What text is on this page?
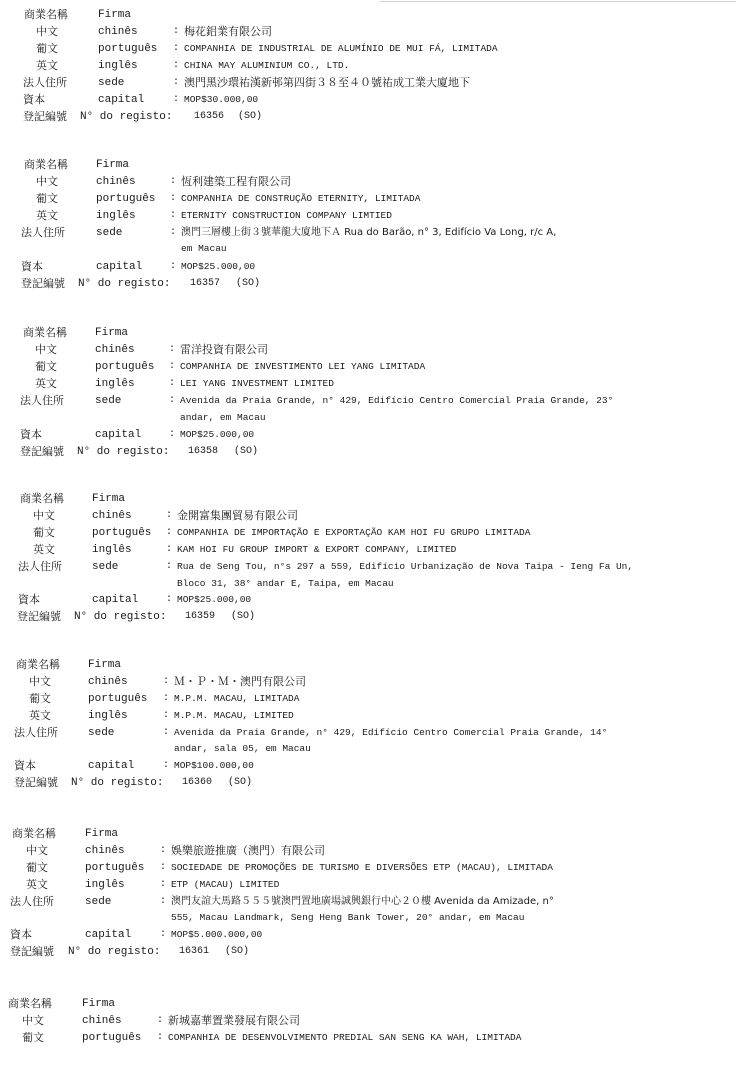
商業名稱	Firma
中文	chinês	: 梅花鋁業有限公司
葡文	português : COMPANHIA DE INDUSTRIAL DE ALUMÍNIO DE MUI FÁ, LIMITADA
英文	inglês	: CHINA MAY ALUMINIUM CO., LTD.
法人住所	sede	: 澳門黑沙環祐漢新邨第四街３８至４０號祐成工業大廈地下
資本	capital	: MOP$30.000,00
登記編號 N° do registo: 16356 (SO)
商業名稱	Firma
中文	chinês	: 恆利建築工程有限公司
葡文	português : COMPANHIA DE CONSTRUÇÃO ETERNITY, LIMITADA
英文	inglês	: ETERNITY CONSTRUCTION COMPANY LIMTIED
法人住所	sede	: 澳門三層樓上街３號華龍大廈地下Ａ Rua do Barão, n° 3, Edifício Va Long, r/c A,
em Macau
資本	capital	: MOP$25.000,00
登記編號 N° do registo: 16357 (SO)
商業名稱	Firma
中文	chinês	: 雷洋投資有限公司
葡文	português : COMPANHIA DE INVESTIMENTO LEI YANG LIMITADA
英文	inglês	: LEI YANG INVESTMENT LIMITED
法人住所	sede	: Avenida da Praia Grande, n° 429, Edifício Centro Comercial Praia Grande, 23°
andar, em Macau
資本	capital	: MOP$25.000,00
登記編號 N° do registo: 16358 (SO)
商業名稱	Firma
中文	chinês	: 金開富集團貿易有限公司
葡文	português : COMPANHIA DE IMPORTAÇÃO E EXPORTAÇÃO KAM HOI FU GRUPO LIMITADA
英文	inglês	: KAM HOI FU GROUP IMPORT & EXPORT COMPANY, LIMITED
法人住所	sede	: Rua de Seng Tou, n°s 297 a 559, Edifício Urbanização de Nova Taipa - Ieng Fa Un,
Bloco 31, 38° andar E, Taipa, em Macau
資本	capital	: MOP$25.000,00
登記編號 N° do registo: 16359 (SO)
商業名稱	Firma
中文	chinês	: Ｍ・Ｐ・Ｍ・澳門有限公司
葡文	português : M.P.M. MACAU, LIMITADA
英文	inglês	: M.P.M. MACAU, LIMITED
法人住所	sede	: Avenida da Praia Grande, n° 429, Edifício Centro Comercial Praia Grande, 14°
andar, sala 05, em Macau
資本	capital	: MOP$100.000,00
登記編號 N° do registo: 16360 (SO)
商業名稱	Firma
中文	chinês	: 娛樂旅遊推廣（澳門）有限公司
葡文	português : SOCIEDADE DE PROMOÇÕES DE TURISMO E DIVERSÕES ETP (MACAU), LIMITADA
英文	inglês	: ETP (MACAU) LIMITED
法人住所	sede	: 澳門友誼大馬路５５５號澳門置地廣場誠興銀行中心２０樓 Avenida da Amizade, n°
555, Macau Landmark, Seng Heng Bank Tower, 20° andar, em Macau
資本	capital	: MOP$5.000.000,00
登記編號 N° do registo: 16361 (SO)
商業名稱	Firma
中文	chinês	: 新城嘉華置業發展有限公司
葡文	português : COMPANHIA DE DESENVOLVIMENTO PREDIAL SAN SENG KA WAH, LIMITADA
